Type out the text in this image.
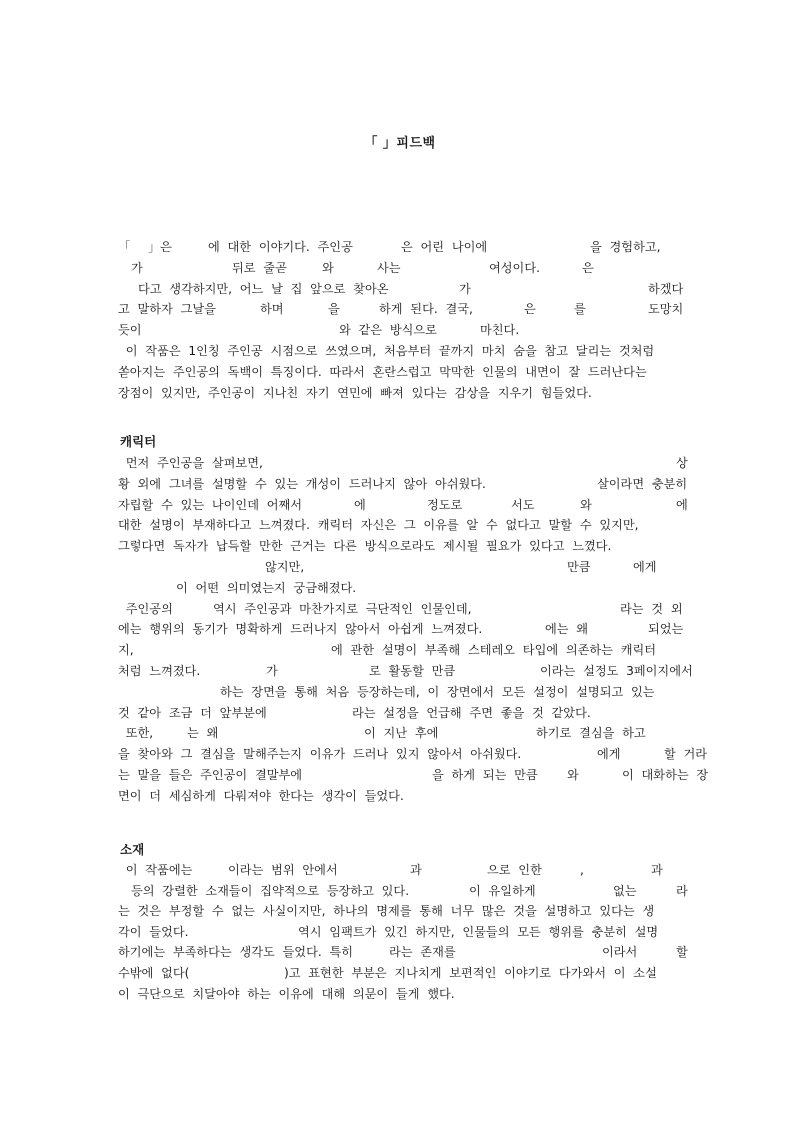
「 」피드백
「 」은	에  대한  이야기다.  주인공	은  어린  나이에	을  경험하고,
가	뒤로  줄곧	와	사는	여성이다.	은
다고  생각하지만,  어느  날  집  앞으로  찾아온	가	하겠다
고  말하자  그날을	하며	을	하게  된다.  결국,	은	를	도망치
듯이	와  같은  방식으로	마친다.
이  작품은  1인칭  주인공  시점으로  쓰였으며,  처음부터  끝까지  마치  숨을  참고  달리는  것처럼
쏟아지는  주인공의  독백이  특징이다.  따라서  혼란스럽고  막막한  인물의  내면이  잘  드러난다는
장점이  있지만,  주인공이  지나친  자기  연민에  빠져  있다는  감상을  지우기  힘들었다.

캐릭터

먼저  주인공을  살펴보면,	상
황  외에  그녀를  설명할  수  있는  개성이  드러나지  않아  아쉬웠다.	살이라면  충분히
자립할  수  있는  나이인데  어째서	에	정도로	서도	와	에
대한  설명이  부재하다고  느껴졌다.  캐릭터  자신은  그  이유를  알  수  없다고  말할  수  있지만,
그렇다면  독자가  납득할  만한  근거는  다른  방식으로라도  제시될  필요가  있다고  느꼈다.
않지만,	만큼	에게
이  어떤  의미였는지  궁금해졌다.
주인공의	역시  주인공과  마찬가지로  극단적인  인물인데,	라는  것  외
에는  행위의  동기가  명확하게  드러나지  않아서  아쉽게  느껴졌다.	에는  왜	되었는
지,	에  관한  설명이  부족해  스테레오  타입에  의존하는  캐릭터
처럼  느껴졌다.	가	로  활동할  만큼	이라는  설정도  3페이지에서
하는  장면을  통해  처음  등장하는데,  이  장면에서  모든  설정이  설명되고  있는
것  같아  조금  더  앞부분에	라는  설정을  언급해  주면  좋을  것  같았다.
또한,	는  왜	이  지난  후에	하기로  결심을  하고
을  찾아와  그  결심을  말해주는지  이유가  드러나  있지  않아서  아쉬웠다.	에게	할  거라
는  말을  들은  주인공이  결말부에	을  하게  되는  만큼 와	이  대화하는  장
면이  더  세심하게  다뤄져야  한다는  생각이  들었다.

소재

이  작품에는	이라는  범위  안에서	과	으로  인한	,	과
등의  강렬한  소재들이  집약적으로  등장하고  있다.	이  유일하게	없는	라
는  것은  부정할  수  없는  사실이지만,  하나의  명제를  통해  너무  많은  것을  설명하고  있다는  생
각이  들었다.	역시  임팩트가  있긴  하지만,  인물들의  모든  행위를  충분히  설명
하기에는  부족하다는  생각도  들었다.  특히	라는  존재를	이라서	할
수밖에  없다(	)고  표현한  부분은  지나치게  보편적인  이야기로  다가와서  이  소설
이  극단으로  치달아야  하는  이유에  대해  의문이  들게  했다.
